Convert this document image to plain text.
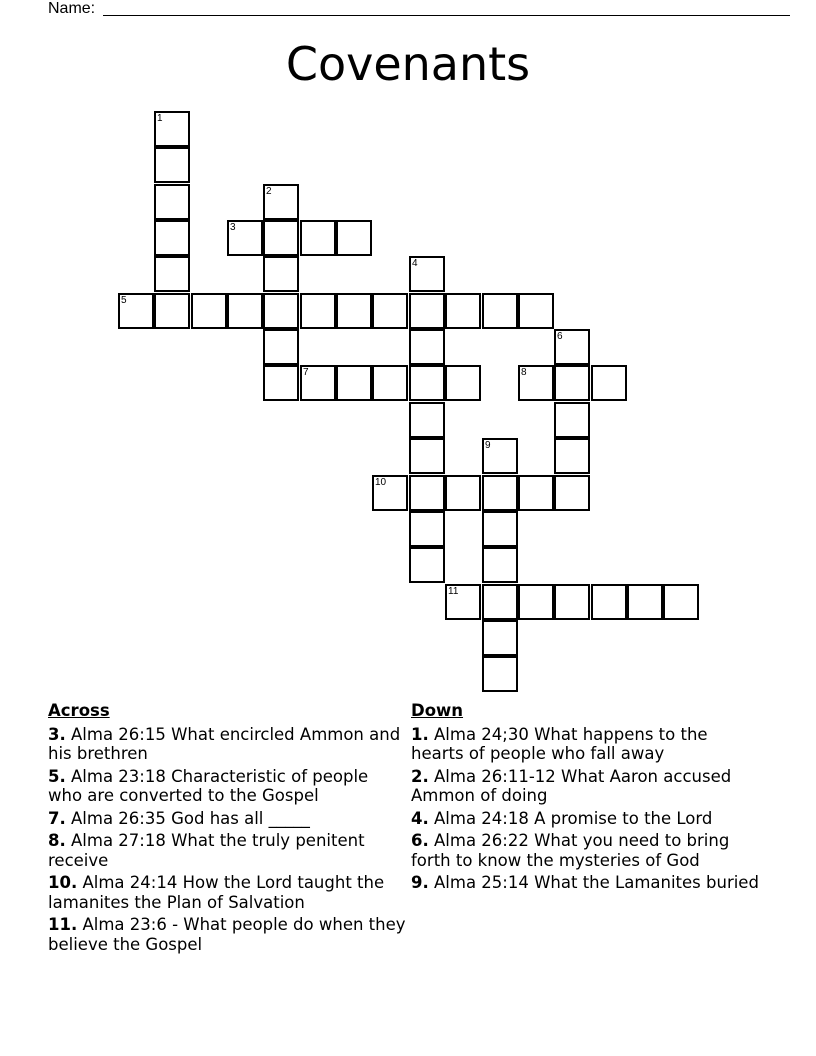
Name:
Covenants
1
2
3
5
4
7
6
8
10
9
11
Across
3. Alma 26:15 What encircled Ammon and his brethren
5. Alma 23:18 Characteristic of people who are converted to the Gospel
7. Alma 26:35 God has all _____
8. Alma 27:18 What the truly penitent receive
10. Alma 24:14 How the Lord taught the lamanites the Plan of Salvation
11. Alma 23:6 - What people do when they believe the Gospel
Down
1. Alma 24;30 What happens to the hearts of people who fall away
2. Alma 26:11-12 What Aaron accused Ammon of doing
4. Alma 24:18 A promise to the Lord
6. Alma 26:22 What you need to bring forth to know the mysteries of God
9. Alma 25:14 What the Lamanites buried
